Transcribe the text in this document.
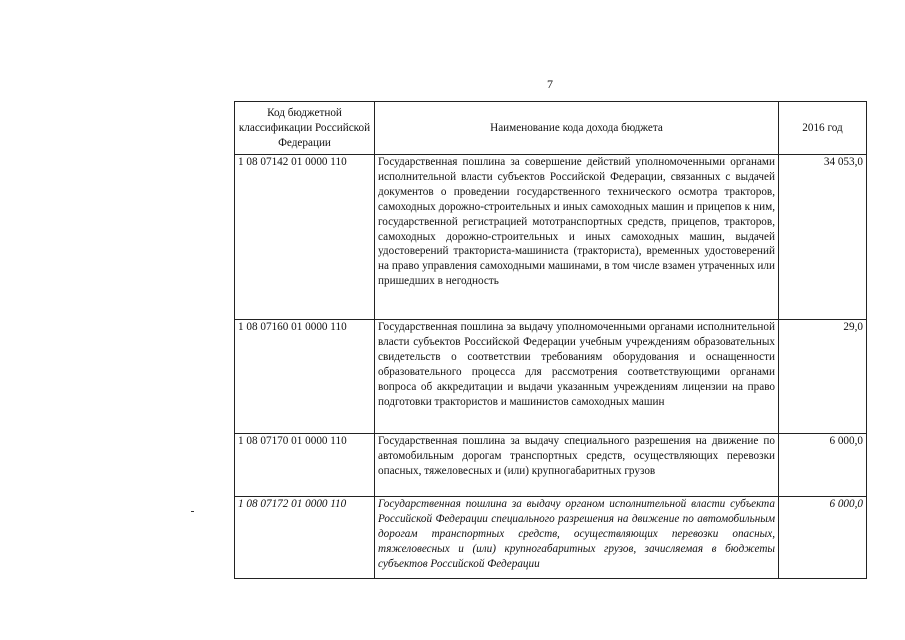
7
Код бюджетной классификации Российской Федерации	Наименование кода дохода бюджета	2016 год
1 08 07142 01 0000 110	Государственная пошлина за совершение действий уполномоченными органами исполнительной власти субъектов Российской Федерации, связанных с выдачей документов о проведении государственного технического осмотра тракторов, самоходных дорожно-строительных и иных самоходных машин и прицепов к ним, государственной регистрацией мототранспортных средств, прицепов, тракторов, самоходных дорожно-строительных и иных самоходных машин, выдачей удостоверений тракториста-машиниста (тракториста), временных удостоверений на право управления самоходными машинами, в том числе взамен утраченных или пришедших в негодность	34 053,0
1 08 07160 01 0000 110	Государственная пошлина за выдачу уполномоченными органами исполнительной власти субъектов Российской Федерации учебным учреждениям образовательных свидетельств о соответствии требованиям оборудования и оснащенности образовательного процесса для рассмотрения соответствующими органами вопроса об аккредитации и выдачи указанным учреждениям лицензии на право подготовки трактористов и машинистов самоходных машин	29,0
1 08 07170 01 0000 110	Государственная пошлина за выдачу специального разрешения на движение по автомобильным дорогам транспортных средств, осуществляющих перевозки опасных, тяжеловесных и (или) крупногабаритных грузов	6 000,0
1 08 07172 01 0000 110	Государственная пошлина за выдачу органом исполнительной власти субъекта Российской Федерации специального разрешения на движение по автомобильным дорогам транспортных средств, осуществляющих перевозки опасных, тяжеловесных и (или) крупногабаритных грузов, зачисляемая в бюджеты субъектов Российской Федерации	6 000,0
